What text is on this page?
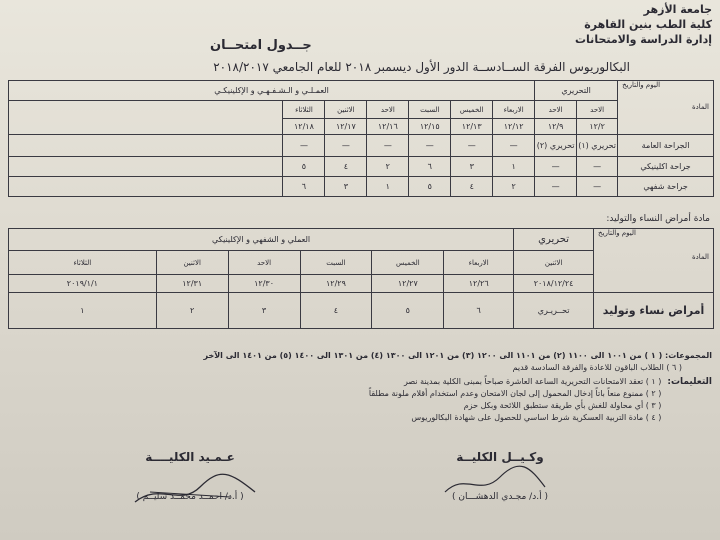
جامعة الأزهر
كلية الطب بنين القاهرة
إدارة الدراسة والامتحانات
جــدول امتحــان
البكالوريوس الفرقة الســادســة الدور الأول ديسمبر ٢٠١٨ للعام الجامعي ٢٠١٨/٢٠١٧
اليوم والتاريخ
المادة	التحريري		العمـلـي و الـشـفـهـي و الإكلينيكـي						
	الاحد	الاحد	الاربعاء	الخميس	السبت	الاحد	الاثنين	الثلاثاء	
	١٢/٢	١٢/٩	١٢/١٢	١٢/١٣	١٢/١٥	١٢/١٦	١٢/١٧	١٢/١٨	
الجراحة العامة	تحريري (١)	تحريري (٢)	—	—	—	—	—	—	
جراحة اكلينيكي	—	—	١	٣	٦	٢	٤	٥	
جراحة شفهي	—	—	٢	٤	٥	١	٣	٦	
مادة أمراض النساء والتوليد:
اليوم والتاريخ
المادة	تحريري	العملي و الشفهي و الإكلينيكي					
	الاثنين	الاربعاء	الخميس	السبت	الاحد	الاثنين	الثلاثاء
	٢٠١٨/١٢/٢٤	١٢/٢٦	١٢/٢٧	١٢/٢٩	١٢/٣٠	١٢/٣١	٢٠١٩/١/١
أمراض نساء وتوليد	تحــريـري	٦	٥	٤	٣	٢	١
المجموعات: ( ١ ) من ١٠٠١ الى ١١٠٠ (٢) من ١١٠١ الى ١٢٠٠ (٣) من ١٢٠١ الى ١٣٠٠ (٤) من ١٣٠١ الى ١٤٠٠ (٥) من ١٤٠١ الى الآخر
( ٦ ) الطلاب الباقون للاعادة والفرقة السادسة قديم
التعليمات:
( ١ ) تعقد الامتحانات التحريرية الساعة العاشرة صباحاً بمبنى الكلية بمدينة نصر
( ٢ ) ممنوع منعاً باتاً إدخال المحمول إلى لجان الامتحان وعدم استخدام أقلام ملونة مطلقاً
( ٣ ) أي محاولة للغش بأي طريقة ستطبق اللائحة وبكل حزم
( ٤ ) مادة التربية العسكرية شرط اساسي للحصول على شهادة البكالوريوس
وكـيــل الكليــة
( أ.د/ مجـدي الدهشـــان )
عـمـيد الكليــــة
( أ.د/ احمــد محمــد سليــم )
